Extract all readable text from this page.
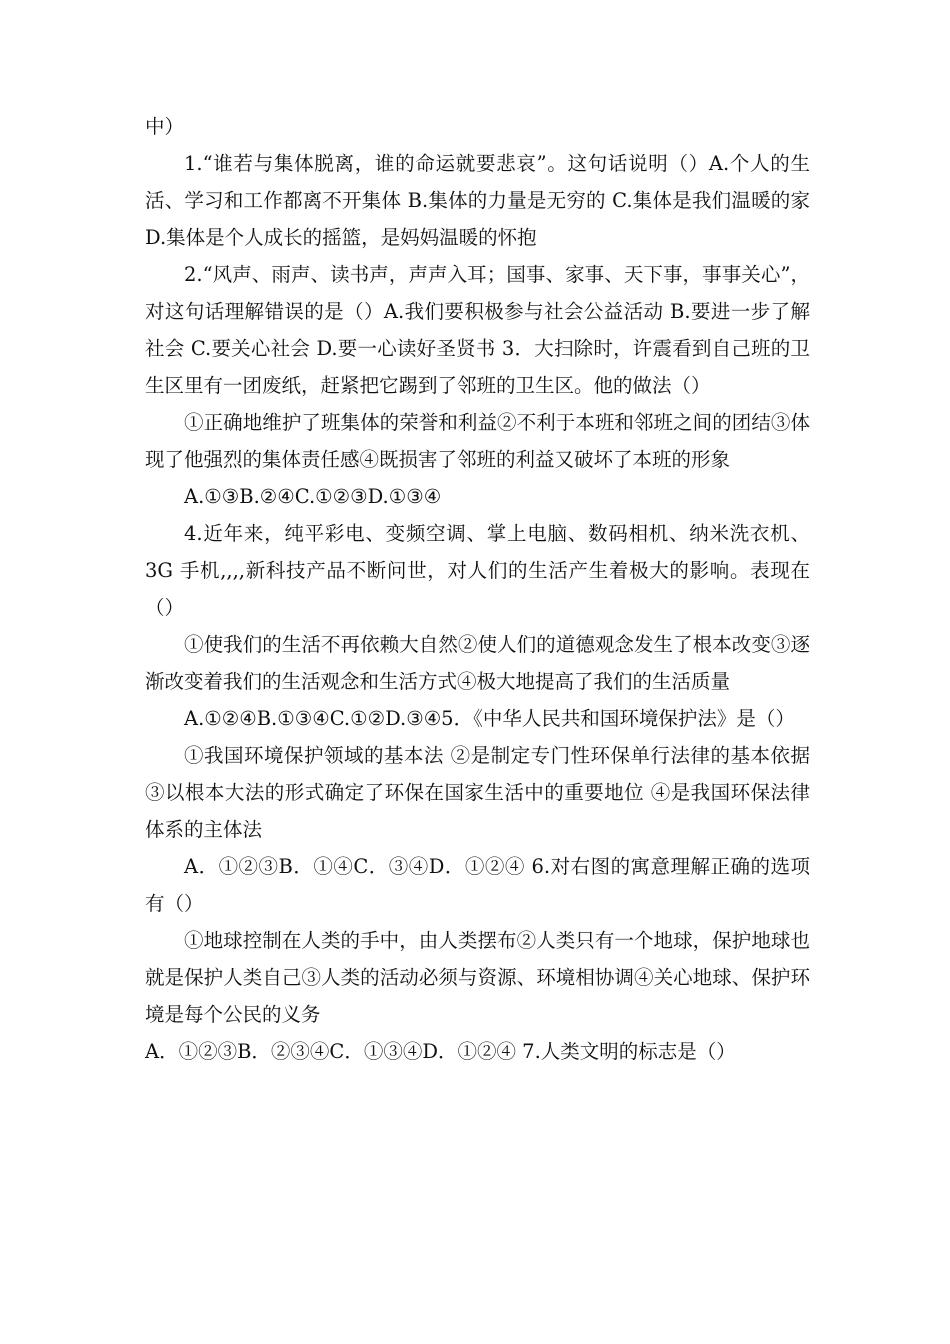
中）

1.“谁若与集体脱离，谁的命运就要悲哀”。这句话说明（）A.个人的生活、学习和工作都离不开集体 B.集体的力量是无穷的 C.集体是我们温暖的家 D.集体是个人成长的摇篮，是妈妈温暖的怀抱

2.“风声、雨声、读书声，声声入耳；国事、家事、天下事，事事关心”，对这句话理解错误的是（）A.我们要积极参与社会公益活动 B.要进一步了解社会 C.要关心社会 D.要一心读好圣贤书 3．大扫除时，许震看到自己班的卫生区里有一团废纸，赶紧把它踢到了邻班的卫生区。他的做法（）

①正确地维护了班集体的荣誉和利益②不利于本班和邻班之间的团结③体现了他强烈的集体责任感④既损害了邻班的利益又破坏了本班的形象

A.①③B.②④C.①②③D.①③④

4.近年来，纯平彩电、变频空调、掌上电脑、数码相机、纳米洗衣机、3G 手机,,,,新科技产品不断问世，对人们的生活产生着极大的影响。表现在（）

①使我们的生活不再依赖大自然②使人们的道德观念发生了根本改变③逐渐改变着我们的生活观念和生活方式④极大地提高了我们的生活质量

A.①②④B.①③④C.①②D.③④5．《中华人民共和国环境保护法》是（）

①我国环境保护领域的基本法 ②是制定专门性环保单行法律的基本依据 ③以根本大法的形式确定了环保在国家生活中的重要地位 ④是我国环保法律体系的主体法

A．①②③B．①④C．③④D．①②④ 6.对右图的寓意理解正确的选项有（）

①地球控制在人类的手中，由人类摆布②人类只有一个地球，保护地球也就是保护人类自己③人类的活动必须与资源、环境相协调④关心地球、保护环境是每个公民的义务

A．①②③B．②③④C．①③④D．①②④ 7.人类文明的标志是（）
